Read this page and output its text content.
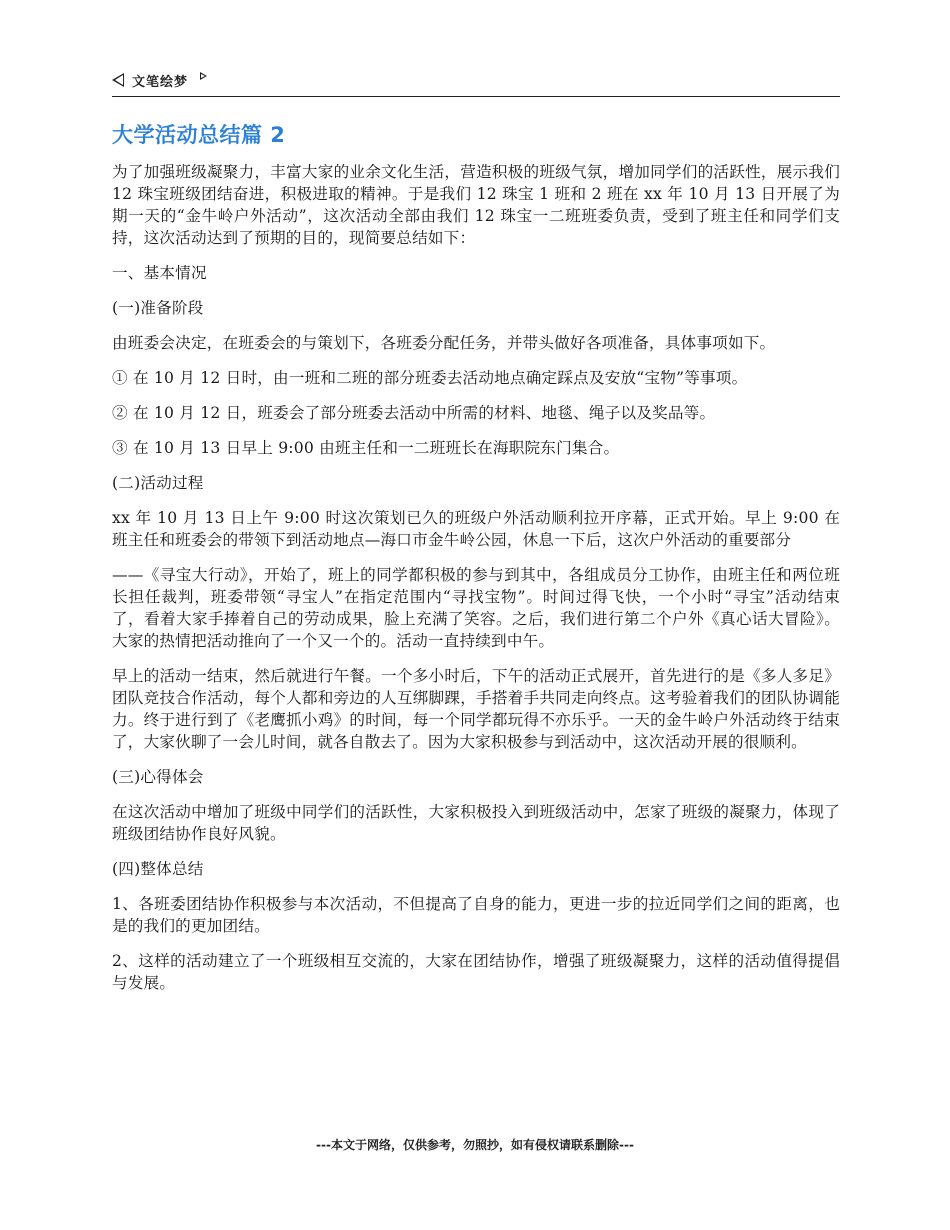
文笔绘梦
大学活动总结篇 2

为了加强班级凝聚力，丰富大家的业余文化生活，营造积极的班级气氛，增加同学们的活跃性，展示我们 12 珠宝班级团结奋进，积极进取的精神。于是我们 12 珠宝 1 班和 2 班在 xx 年 10 月 13 日开展了为期一天的“金牛岭户外活动”，这次活动全部由我们 12 珠宝一二班班委负责，受到了班主任和同学们支持，这次活动达到了预期的目的，现简要总结如下：

一、基本情况

(一)准备阶段

由班委会决定，在班委会的与策划下，各班委分配任务，并带头做好各项准备，具体事项如下。

① 在 10 月 12 日时，由一班和二班的部分班委去活动地点确定踩点及安放“宝物”等事项。

② 在 10 月 12 日，班委会了部分班委去活动中所需的材料、地毯、绳子以及奖品等。

③ 在 10 月 13 日早上 9:00 由班主任和一二班班长在海职院东门集合。

(二)活动过程

xx 年 10 月 13 日上午 9:00 时这次策划已久的班级户外活动顺利拉开序幕，正式开始。早上 9:00 在班主任和班委会的带领下到活动地点—海口市金牛岭公园，休息一下后，这次户外活动的重要部分

——《寻宝大行动》，开始了，班上的同学都积极的参与到其中，各组成员分工协作，由班主任和两位班长担任裁判，班委带领“寻宝人”在指定范围内“寻找宝物”。时间过得飞快，一个小时“寻宝”活动结束了，看着大家手捧着自己的劳动成果，脸上充满了笑容。之后，我们进行第二个户外《真心话大冒险》。大家的热情把活动推向了一个又一个的。活动一直持续到中午。

早上的活动一结束，然后就进行午餐。一个多小时后，下午的活动正式展开，首先进行的是《多人多足》团队竞技合作活动，每个人都和旁边的人互绑脚踝，手搭着手共同走向终点。这考验着我们的团队协调能力。终于进行到了《老鹰抓小鸡》的时间，每一个同学都玩得不亦乐乎。一天的金牛岭户外活动终于结束了，大家伙聊了一会儿时间，就各自散去了。因为大家积极参与到活动中，这次活动开展的很顺利。

(三)心得体会

在这次活动中增加了班级中同学们的活跃性，大家积极投入到班级活动中，怎家了班级的凝聚力，体现了班级团结协作良好风貌。

(四)整体总结

1、各班委团结协作积极参与本次活动，不但提高了自身的能力，更进一步的拉近同学们之间的距离，也是的我们的更加团结。

2、这样的活动建立了一个班级相互交流的，大家在团结协作，增强了班级凝聚力，这样的活动值得提倡与发展。

---本文于网络，仅供参考，勿照抄，如有侵权请联系删除---
